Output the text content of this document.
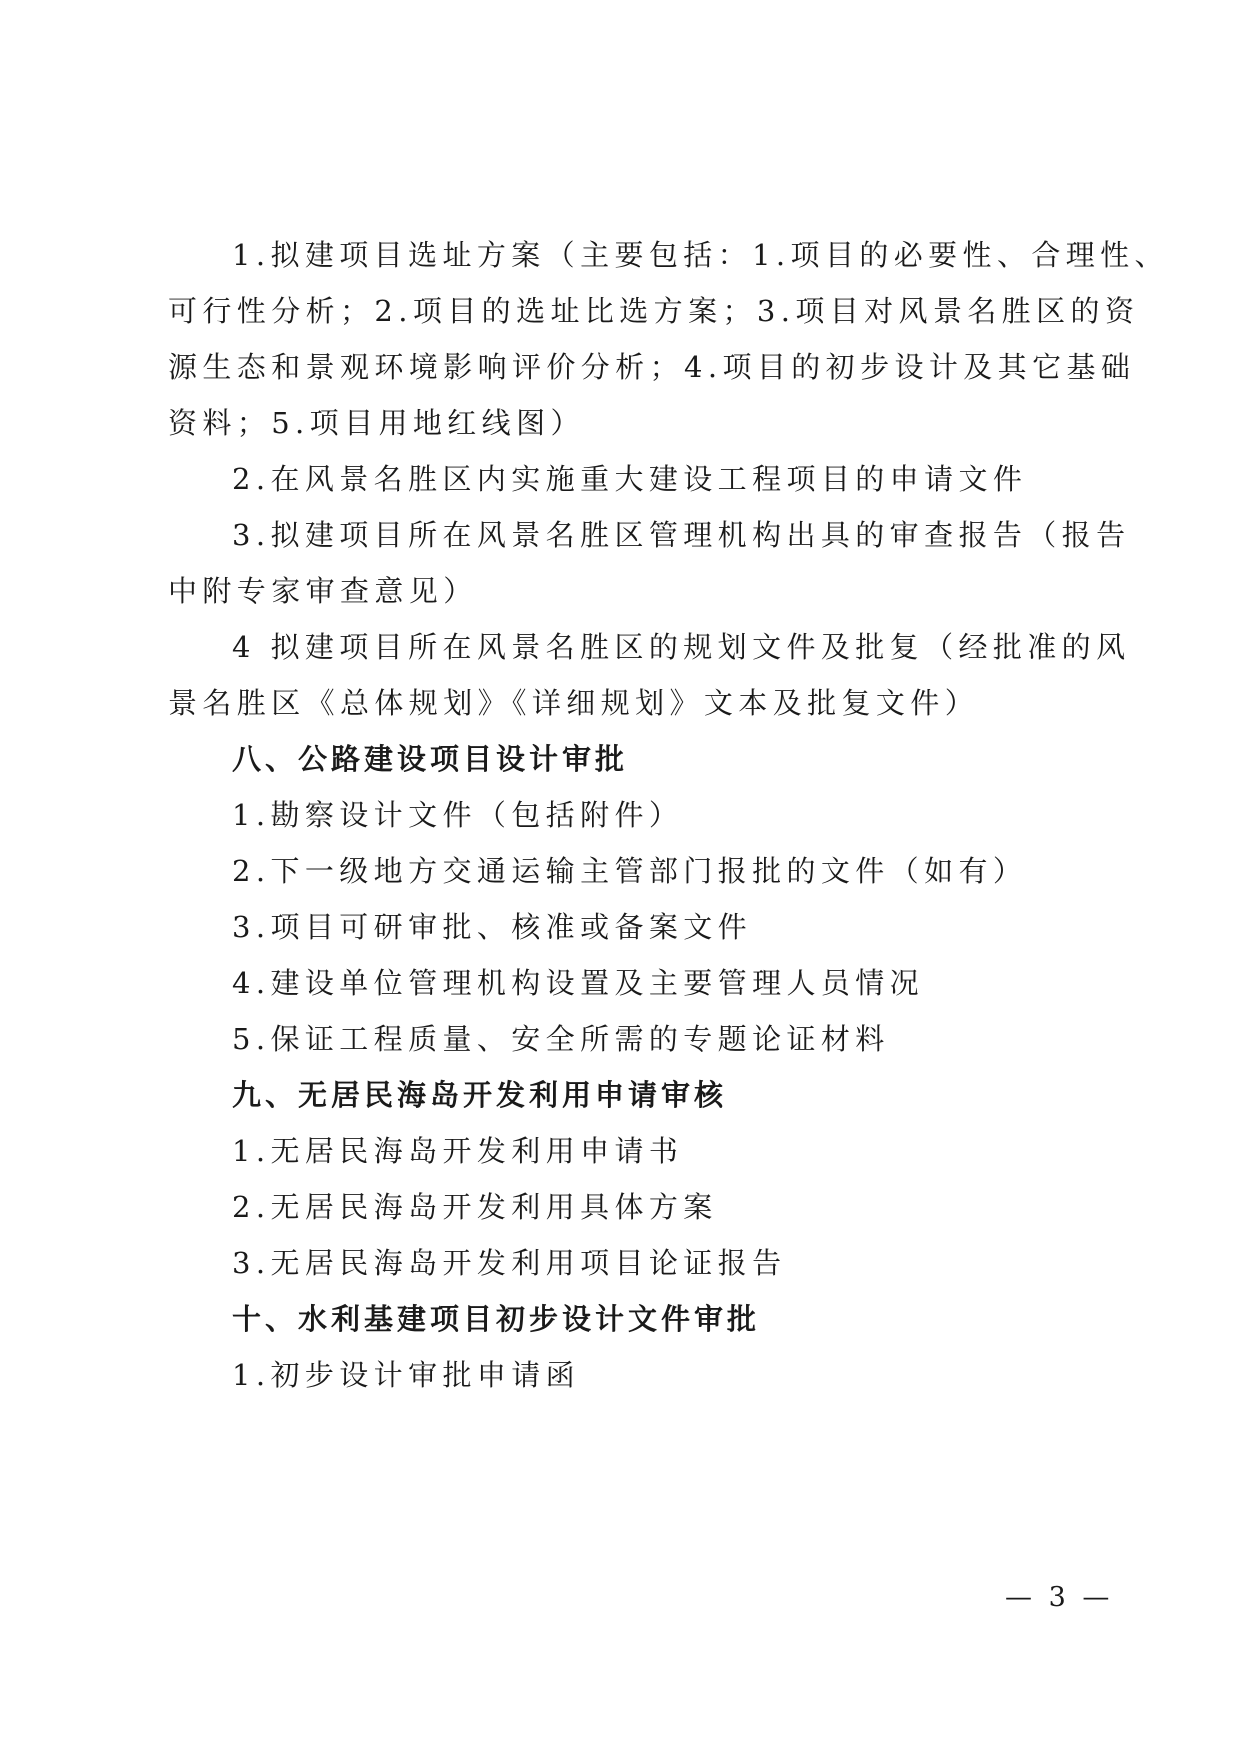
1.拟建项目选址方案（主要包括：1.项目的必要性、合理性、
可行性分析；2.项目的选址比选方案；3.项目对风景名胜区的资
源生态和景观环境影响评价分析；4.项目的初步设计及其它基础
资料；5.项目用地红线图）
2.在风景名胜区内实施重大建设工程项目的申请文件
3.拟建项目所在风景名胜区管理机构出具的审查报告（报告
中附专家审查意见）
4 拟建项目所在风景名胜区的规划文件及批复（经批准的风
景名胜区《总体规划》《详细规划》文本及批复文件）
八、公路建设项目设计审批
1.勘察设计文件（包括附件）
2.下一级地方交通运输主管部门报批的文件（如有）
3.项目可研审批、核准或备案文件
4.建设单位管理机构设置及主要管理人员情况
5.保证工程质量、安全所需的专题论证材料
九、无居民海岛开发利用申请审核
1.无居民海岛开发利用申请书
2.无居民海岛开发利用具体方案
3.无居民海岛开发利用项目论证报告
十、水利基建项目初步设计文件审批
1.初步设计审批申请函
— 3 —
